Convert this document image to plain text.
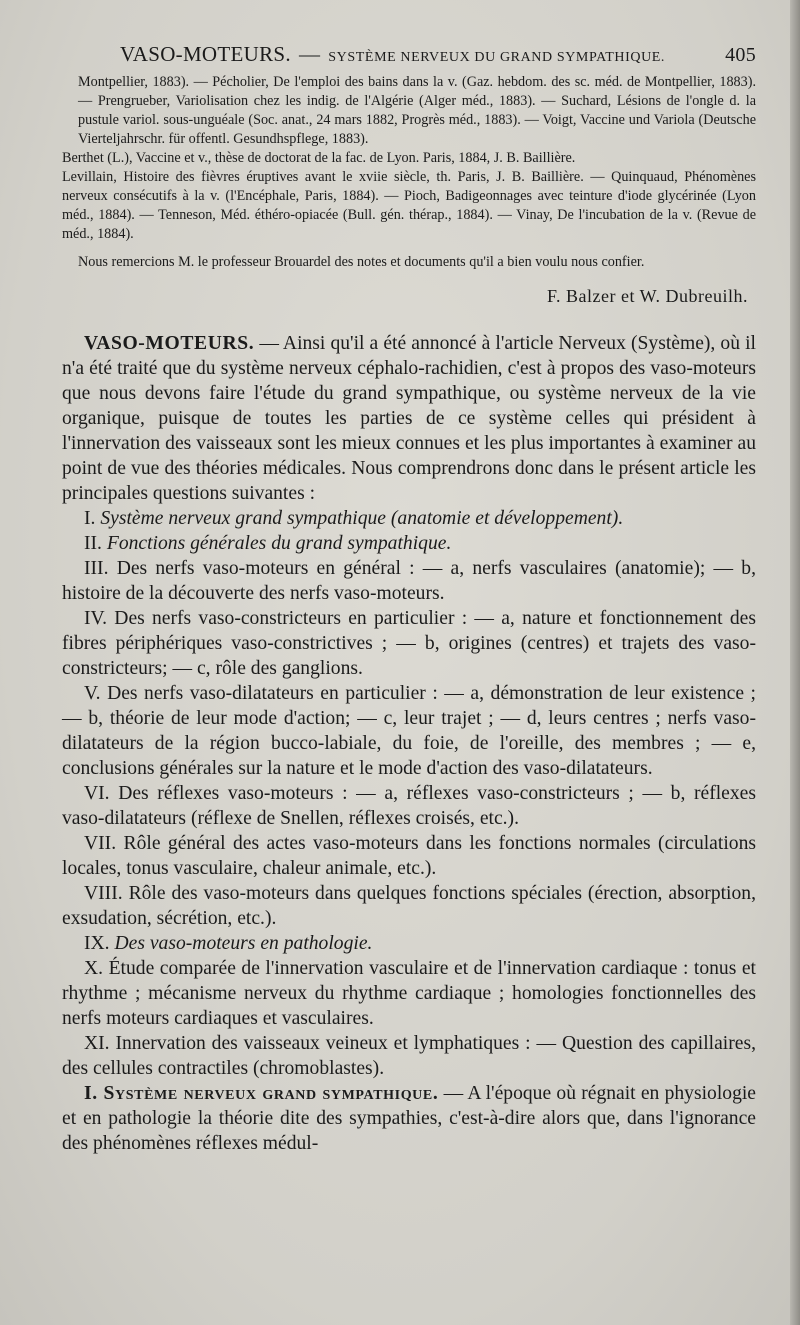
VASO-MOTEURS. — SYSTÈME NERVEUX DU GRAND SYMPATHIQUE.	405

Montpellier, 1883). — Pécholier, De l'emploi des bains dans la v. (Gaz. hebdom. des sc. méd. de Montpellier, 1883). — Prengrueber, Variolisation chez les indig. de l'Algérie (Alger méd., 1883). — Suchard, Lésions de l'ongle d. la pustule variol. sous-unguéale (Soc. anat., 24 mars 1882, Progrès méd., 1883). — Voigt, Vaccine und Variola (Deutsche Vierteljahrschr. für offentl. Gesundhspflege, 1883).

Berthet (L.), Vaccine et v., thèse de doctorat de la fac. de Lyon. Paris, 1884, J. B. Baillière.

Levillain, Histoire des fièvres éruptives avant le xviie siècle, th. Paris, J. B. Baillière. — Quinquaud, Phénomènes nerveux consécutifs à la v. (l'Encéphale, Paris, 1884). — Pioch, Badigeonnages avec teinture d'iode glycérinée (Lyon méd., 1884). — Tenneson, Méd. éthéro-opiacée (Bull. gén. thérap., 1884). — Vinay, De l'incubation de la v. (Revue de méd., 1884).

Nous remercions M. le professeur Brouardel des notes et documents qu'il a bien voulu nous confier.

F. Balzer et W. Dubreuilh.

VASO-MOTEURS. — Ainsi qu'il a été annoncé à l'article Nerveux (Système), où il n'a été traité que du système nerveux céphalo-rachidien, c'est à propos des vaso-moteurs que nous devons faire l'étude du grand sympathique, ou système nerveux de la vie organique, puisque de toutes les parties de ce système celles qui président à l'innervation des vaisseaux sont les mieux connues et les plus importantes à examiner au point de vue des théories médicales. Nous comprendrons donc dans le présent article les principales questions suivantes :

I. Système nerveux grand sympathique (anatomie et développement).

II. Fonctions générales du grand sympathique.

III. Des nerfs vaso-moteurs en général : — a, nerfs vasculaires (anatomie); — b, histoire de la découverte des nerfs vaso-moteurs.

IV. Des nerfs vaso-constricteurs en particulier : — a, nature et fonctionnement des fibres périphériques vaso-constrictives ; — b, origines (centres) et trajets des vaso-constricteurs; — c, rôle des ganglions.

V. Des nerfs vaso-dilatateurs en particulier : — a, démonstration de leur existence ; — b, théorie de leur mode d'action; — c, leur trajet ; — d, leurs centres ; nerfs vaso-dilatateurs de la région bucco-labiale, du foie, de l'oreille, des membres ; — e, conclusions générales sur la nature et le mode d'action des vaso-dilatateurs.

VI. Des réflexes vaso-moteurs : — a, réflexes vaso-constricteurs ; — b, réflexes vaso-dilatateurs (réflexe de Snellen, réflexes croisés, etc.).

VII. Rôle général des actes vaso-moteurs dans les fonctions normales (circulations locales, tonus vasculaire, chaleur animale, etc.).

VIII. Rôle des vaso-moteurs dans quelques fonctions spéciales (érection, absorption, exsudation, sécrétion, etc.).

IX. Des vaso-moteurs en pathologie.

X. Étude comparée de l'innervation vasculaire et de l'innervation cardiaque : tonus et rhythme ; mécanisme nerveux du rhythme cardiaque ; homologies fonctionnelles des nerfs moteurs cardiaques et vasculaires.

XI. Innervation des vaisseaux veineux et lymphatiques : — Question des capillaires, des cellules contractiles (chromoblastes).

I. Système nerveux grand sympathique. — A l'époque où régnait en physiologie et en pathologie la théorie dite des sympathies, c'est-à-dire alors que, dans l'ignorance des phénomènes réflexes médul-
